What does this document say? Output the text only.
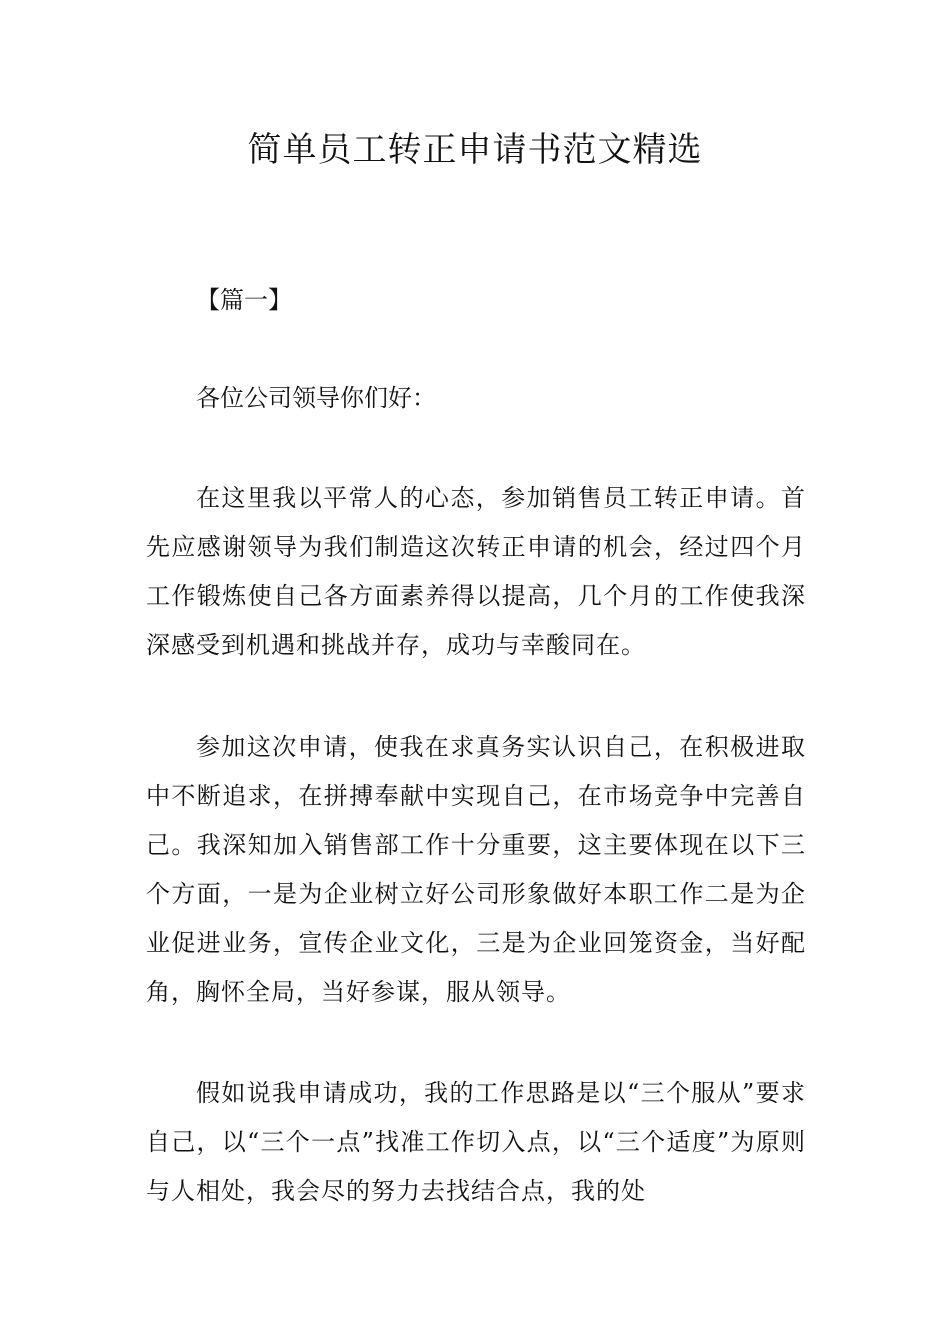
简单员工转正申请书范文精选

【篇一】

各位公司领导你们好：

在这里我以平常人的心态，参加销售员工转正申请。首先应感谢领导为我们制造这次转正申请的机会，经过四个月工作锻炼使自己各方面素养得以提高，几个月的工作使我深深感受到机遇和挑战并存，成功与幸酸同在。

参加这次申请，使我在求真务实认识自己，在积极进取中不断追求，在拼搏奉献中实现自己，在市场竞争中完善自己。我深知加入销售部工作十分重要，这主要体现在以下三个方面，一是为企业树立好公司形象做好本职工作二是为企业促进业务，宣传企业文化，三是为企业回笼资金，当好配角，胸怀全局，当好参谋，服从领导。

假如说我申请成功，我的工作思路是以“三个服从”要求自己，以“三个一点”找准工作切入点，以“三个适度”为原则与人相处，我会尽的努力去找结合点，我的处
